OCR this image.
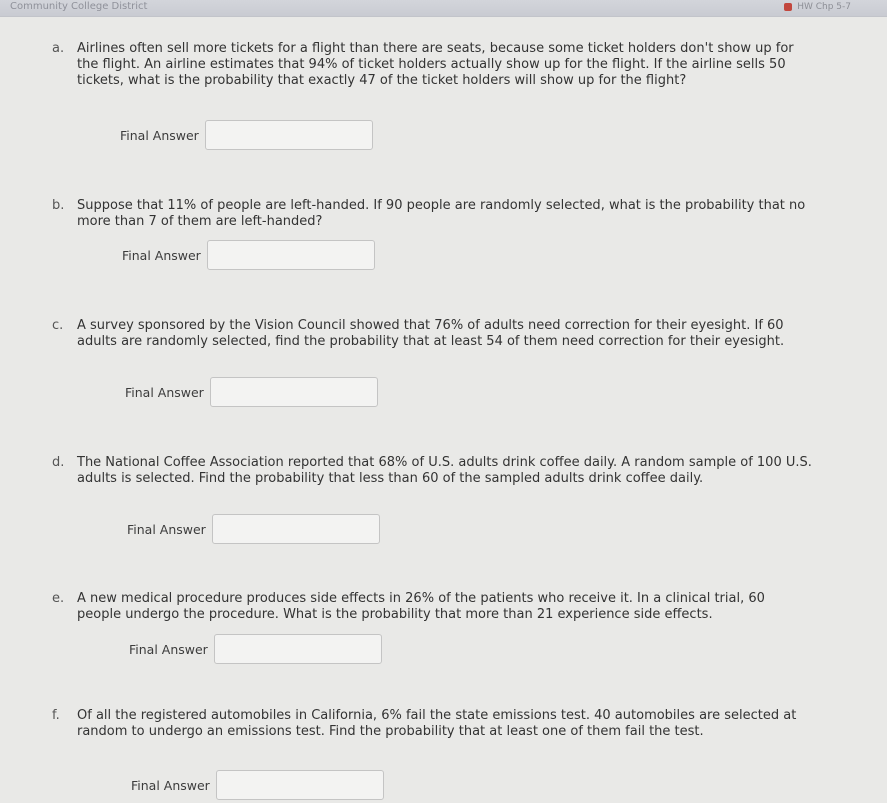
Community College District	HW Chp 5-7
a. Airlines often sell more tickets for a flight than there are seats, because some ticket holders don't show up for the flight. An airline estimates that 94% of ticket holders actually show up for the flight. If the airline sells 50 tickets, what is the probability that exactly 47 of the ticket holders will show up for the flight?
Final Answer
b. Suppose that 11% of people are left-handed. If 90 people are randomly selected, what is the probability that no more than 7 of them are left-handed?
Final Answer
c.	A survey sponsored by the Vision Council showed that 76% of adults need correction for their eyesight. If 60 adults are randomly selected, find the probability that at least 54 of them need correction for their eyesight.
Final Answer
d. The National Coffee Association reported that 68% of U.S. adults drink coffee daily. A random sample of 100 U.S. adults is selected. Find the probability that less than 60 of the sampled adults drink coffee daily.
Final Answer
e. A new medical procedure produces side effects in 26% of the patients who receive it. In a clinical trial, 60 people undergo the procedure. What is the probability that more than 21 experience side effects.
Final Answer
f.	Of all the registered automobiles in California, 6% fail the state emissions test. 40 automobiles are selected at random to undergo an emissions test. Find the probability that at least one of them fail the test.
Final Answer
